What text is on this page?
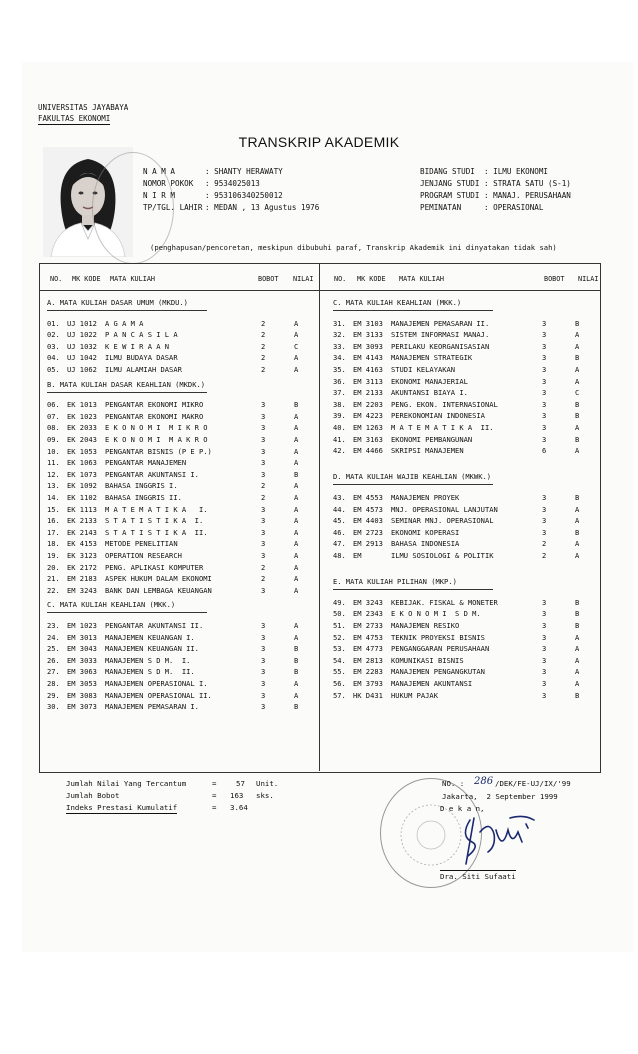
UNIVERSITAS JAYABAYA
FAKULTAS EKONOMI
TRANSKRIP AKADEMIK
N A M A	: SHANTY HERAWATY
NOMOR POKOK : 9534025013
N I R M	: 953106340250012
TP/TGL. LAHIR : MEDAN , 13 Agustus 1976
BIDANG STUDI : ILMU EKONOMI
JENJANG STUDI : STRATA SATU (S-1)
PROGRAM STUDI : MANAJ. PERUSAHAAN
PEMINATAN	: OPERASIONAL
(penghapusan/pencoretan, meskipun dibubuhi paraf, Transkrip Akademik ini dinyatakan tidak sah)
NO. MK KODE MATA KULIAH	BOBOT NILAI	NO. MK KODE MATA KULIAH	BOBOT NILAI
A. MATA KULIAH DASAR UMUM (MKDU.)
01. UJ 1012 A G A M A	2	A
02. UJ 1022 P A N C A S I L A	2	A
03. UJ 1032 K E W I R A A N	2	C
04. UJ 1042 ILMU BUDAYA DASAR	2	A
05. UJ 1062 ILMU ALAMIAH DASAR	2	A
B. MATA KULIAH DASAR KEAHLIAN (MKDK.)
06. EK 1013 PENGANTAR EKONOMI MIKRO	3	B
07. EK 1023 PENGANTAR EKONOMI MAKRO	3	A
08. EK 2033 E K O N O M I  M I K R O	3	A
09. EK 2043 E K O N O M I  M A K R O	3	A
10. EK 1053 PENGANTAR BISNIS (P E P.)	3	A
11. EK 1063 PENGANTAR MANAJEMEN	3	A
12. EK 1073 PENGANTAR AKUNTANSI I.	3	B
13. EK 1092 BAHASA INGGRIS I.	2	A
14. EK 1102 BAHASA INGGRIS II.	2	A
15. EK 1113 M A T E M A T I K A   I.	3	A
16. EK 2133 S T A T I S T I K A  I.	3	A
17. EK 2143 S T A T I S T I K A  II.	3	A
18. EK 4153 METODE PENELITIAN	3	A
19. EK 3123 OPERATION RESEARCH	3	A
20. EK 2172 PENG. APLIKASI KOMPUTER	2	A
21. EM 2183 ASPEK HUKUM DALAM EKONOMI	2	A
22. EM 3243 BANK DAN LEMBAGA KEUANGAN	3	A
C. MATA KULIAH KEAHLIAN (MKK.)
23. EM 1023 PENGANTAR AKUNTANSI II.	3	A
24. EM 3013 MANAJEMEN KEUANGAN I.	3	A
25. EM 3043 MANAJEMEN KEUANGAN II.	3	B
26. EM 3033 MANAJEMEN S D M.  I.	3	B
27. EM 3063 MANAJEMEN S D M.  II.	3	B
28. EM 3053 MANAJEMEN OPERASIONAL I.	3	A
29. EM 3083 MANAJEMEN OPERASIONAL II.	3	A
30. EM 3073 MANAJEMEN PEMASARAN I.	3	B
C. MATA KULIAH KEAHLIAN (MKK.)
31. EM 3103 MANAJEMEN PEMASARAN II.	3	B
32. EM 3133 SISTEM INFORMASI MANAJ.	3	A
33. EM 3093 PERILAKU KEORGANISASIAN	3	A
34. EM 4143 MANAJEMEN STRATEGIK	3	B
35. EM 4163 STUDI KELAYAKAN	3	A
36. EM 3113 EKONOMI MANAJERIAL	3	A
37. EM 2133 AKUNTANSI BIAYA I.	3	C
38. EM 2203 PENG. EKON. INTERNASIONAL	3	B
39. EM 4223 PEREKONOMIAN INDONESIA	3	B
40. EM 1263 M A T E M A T I K A  II.	3	A
41. EM 3163 EKONOMI PEMBANGUNAN	3	B
42. EM 4466 SKRIPSI MANAJEMEN	6	A
D. MATA KULIAH WAJIB KEAHLIAN (MKWK.)
43. EM 4553 MANAJEMEN PROYEK	3	B
44. EM 4573 MNJ. OPERASIONAL LANJUTAN	3	A
45. EM 4403 SEMINAR MNJ. OPERASIONAL	3	A
46. EM 2723 EKONOMI KOPERASI	3	B
47. EM 2913 BAHASA INDONESIA	2	A
48. EM	ILMU SOSIOLOGI & POLITIK	2	A
E. MATA KULIAH PILIHAN (MKP.)
49. EM 3243 KEBIJAK. FISKAL & MONETER	3	B
50. EM 2343 E K O N O M I  S D M.	3	B
51. EM 2733 MANAJEMEN RESIKO	3	B
52. EM 4753 TEKNIK PROYEKSI BISNIS	3	A
53. EM 4773 PENGANGGARAN PERUSAHAAN	3	A
54. EM 2813 KOMUNIKASI BISNIS	3	A
55. EM 2283 MANAJEMEN PENGANGKUTAN	3	A
56. EM 3793 MANAJEMEN AKUNTANSI	3	A
57. HK D431 HUKUM PAJAK	3	B
Jumlah Nilai Yang Tercantum	=	57 Unit.
Jumlah Bobot	= 163 sks.
Indeks Prestasi Kumulatif	= 3.64
NO. : 286 /DEK/FE-UJ/IX/'99
Jakarta,  2 September 1999
D e k a n,
Dra. Siti Sufaati
